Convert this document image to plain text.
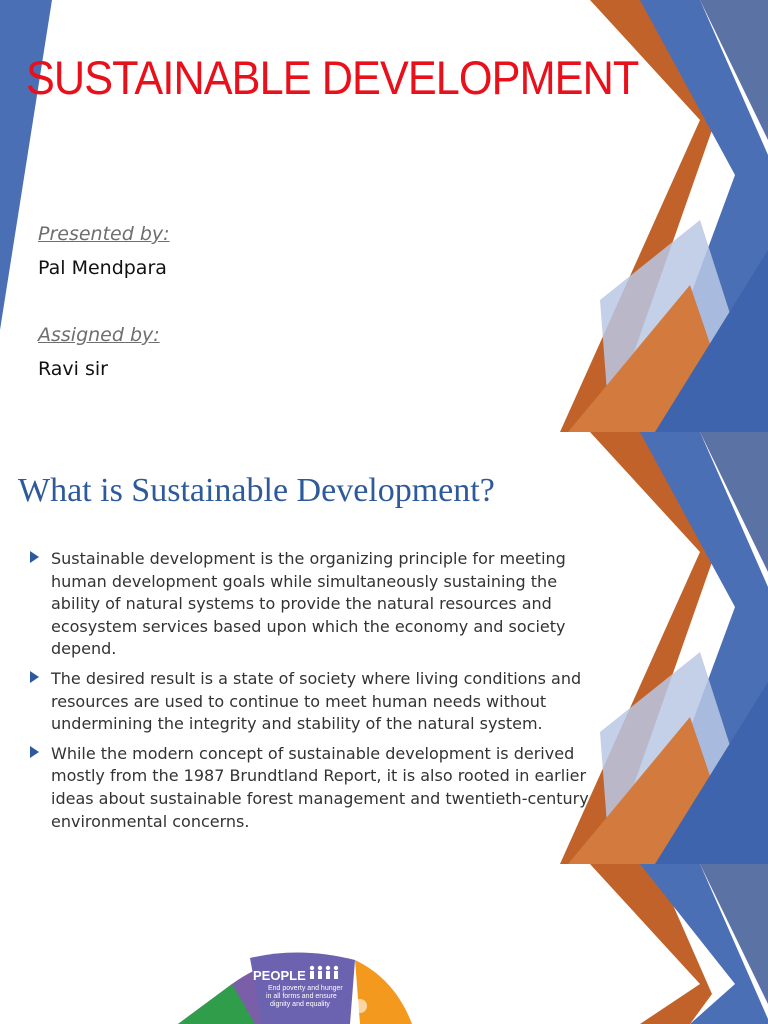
SUSTAINABLE DEVELOPMENT
Presented by:
Pal Mendpara
Assigned by:
Ravi sir
What is Sustainable Development?
Sustainable development is the organizing principle for meeting human development goals while simultaneously sustaining the ability of natural systems to provide the natural resources and ecosystem services based upon which the economy and society depend.
The desired result is a state of society where living conditions and resources are used to continue to meet human needs without undermining the integrity and stability of the natural system.
While the modern concept of sustainable development is derived mostly from the 1987 Brundtland Report, it is also rooted in earlier ideas about sustainable forest management and twentieth-century environmental concerns.
PEOPLE
End poverty and hunger
in all forms and ensure
dignity and equality
